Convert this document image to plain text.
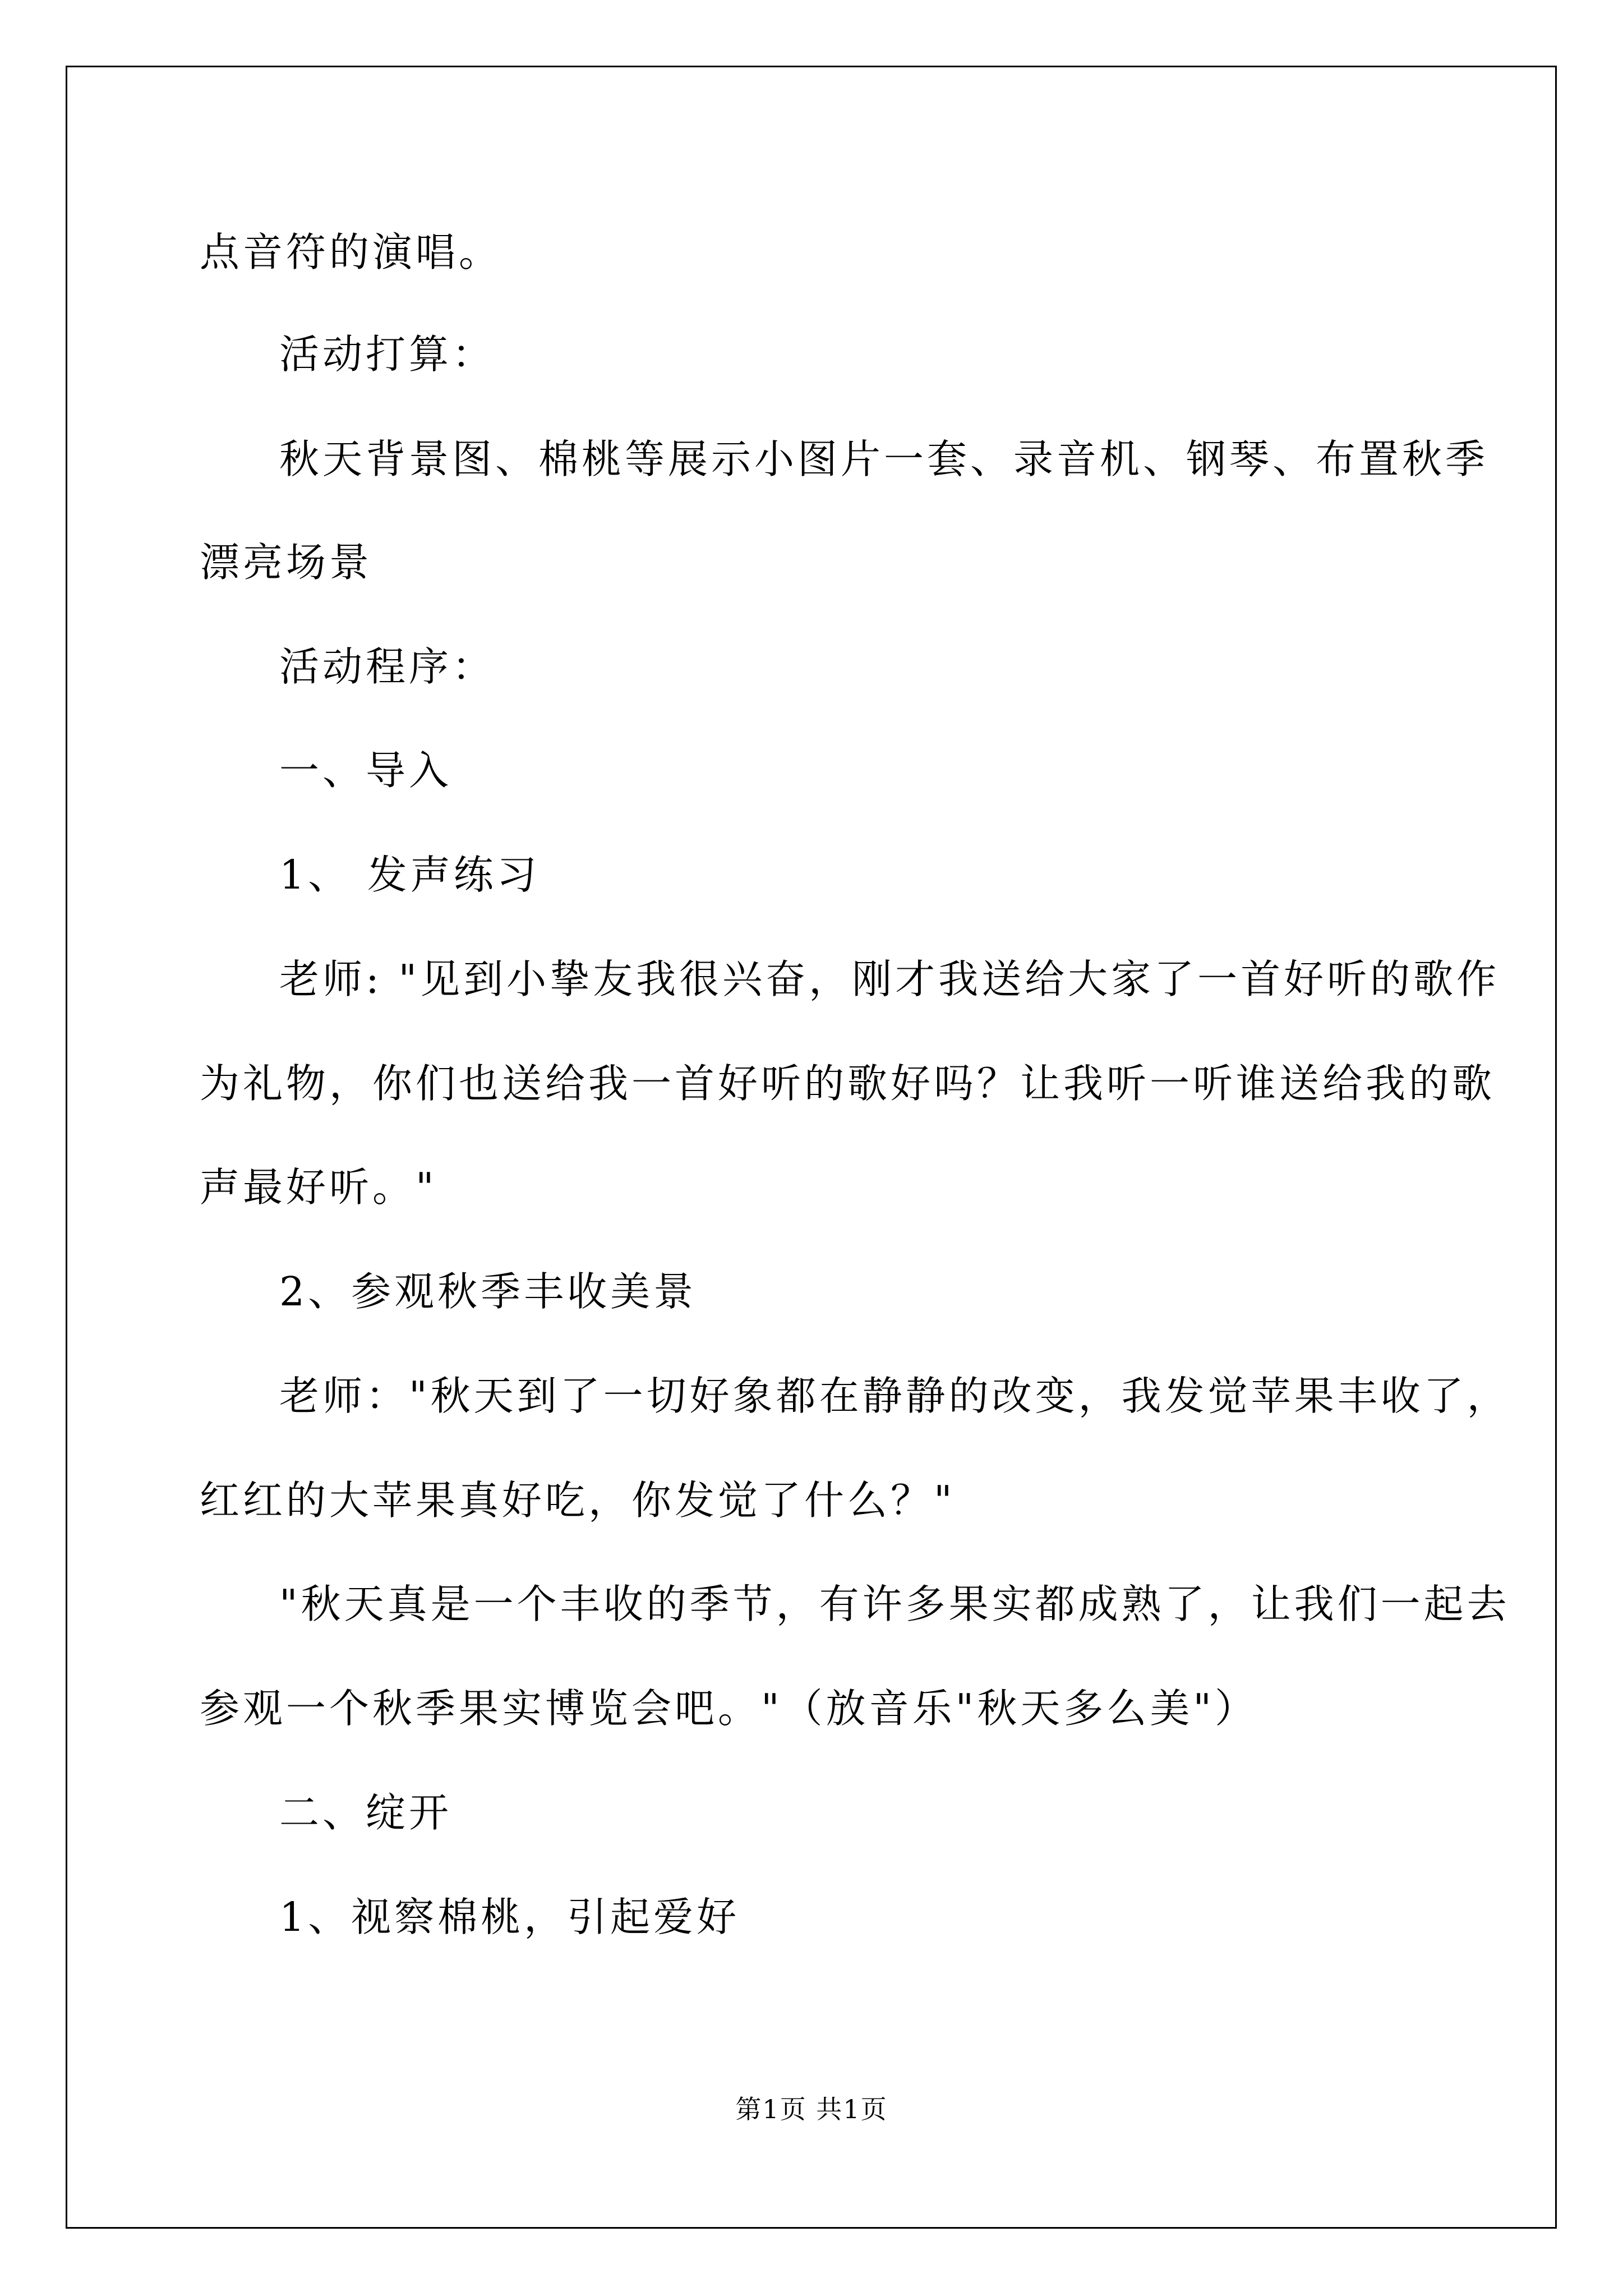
点音符的演唱。
活动打算：
秋天背景图、棉桃等展示小图片一套、录音机、钢琴、布置秋季
漂亮场景
活动程序：
一、导入
1、 发声练习
老师: "见到小挚友我很兴奋，刚才我送给大家了一首好听的歌作
为礼物，你们也送给我一首好听的歌好吗？让我听一听谁送给我的歌
声最好听。"
2、参观秋季丰收美景
老师："秋天到了一切好象都在静静的改变，我发觉苹果丰收了，
红红的大苹果真好吃，你发觉了什么？"
"秋天真是一个丰收的季节，有许多果实都成熟了，让我们一起去
参观一个秋季果实博览会吧。"（放音乐"秋天多么美"）
二、绽开
1、视察棉桃，引起爱好
第1页 共1页
